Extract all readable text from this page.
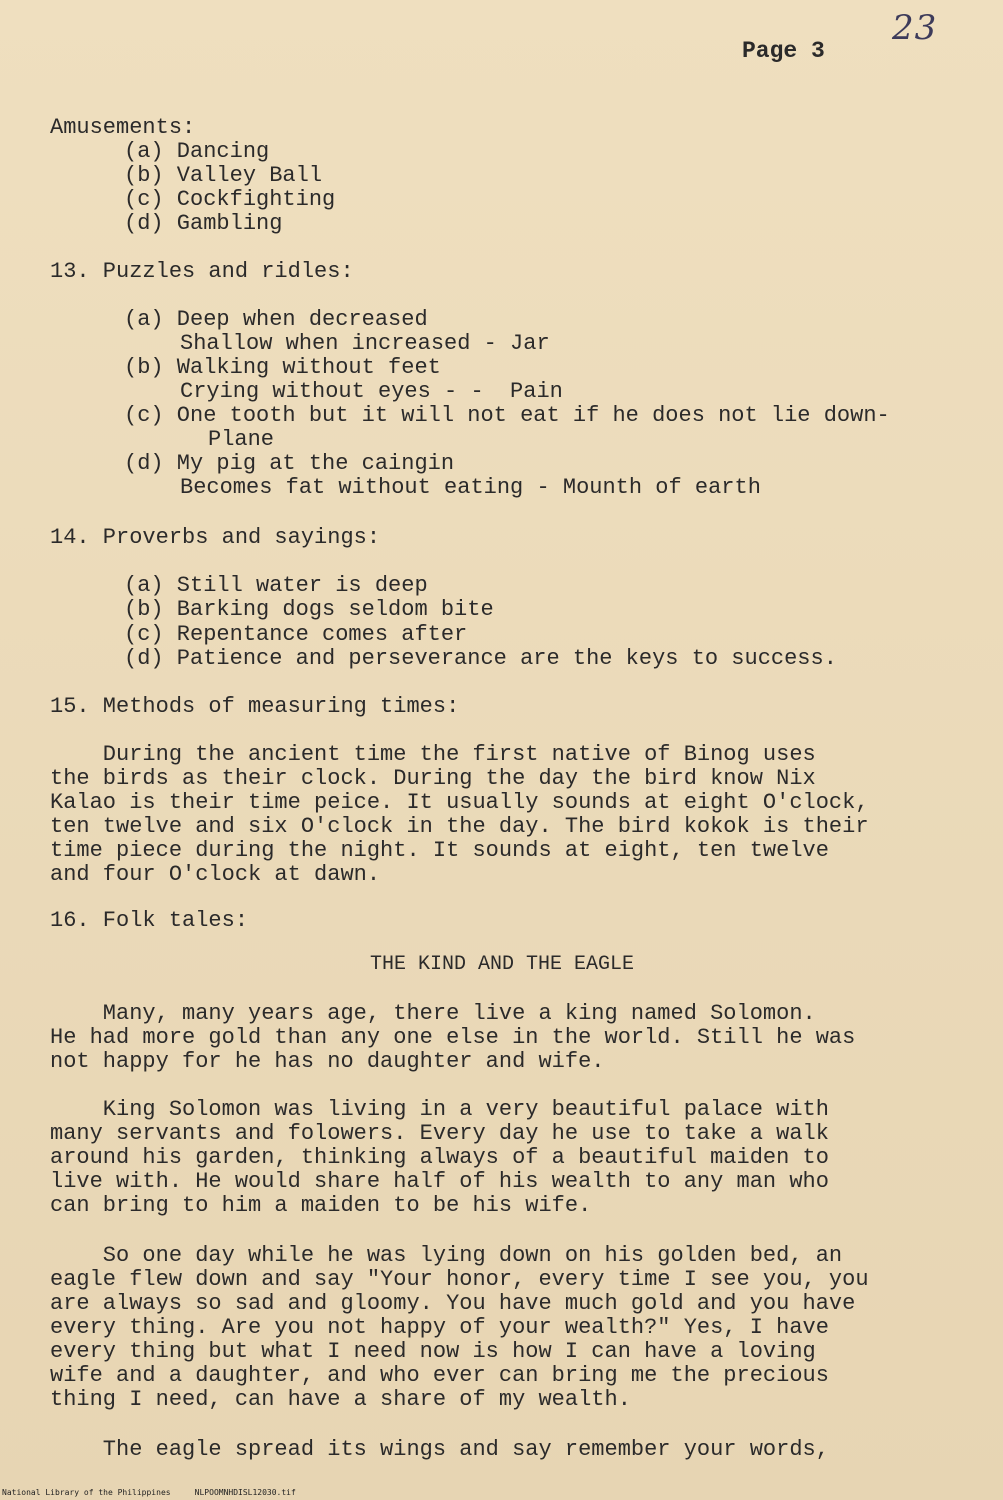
23
Page 3
Amusements:
(a) Dancing
(b) Valley Ball
(c) Cockfighting
(d) Gambling
13. Puzzles and ridles:
(a) Deep when decreased
Shallow when increased - Jar
(b) Walking without feet
Crying without eyes - -  Pain
(c) One tooth but it will not eat if he does not lie down-
Plane
(d) My pig at the caingin
Becomes fat without eating - Mounth of earth
14. Proverbs and sayings:
(a) Still water is deep
(b) Barking dogs seldom bite
(c) Repentance comes after
(d) Patience and perseverance are the keys to success.
15. Methods of measuring times:
During the ancient time the first native of Binog uses
the birds as their clock. During the day the bird know Nix
Kalao is their time peice. It usually sounds at eight O'clock,
ten twelve and six O'clock in the day. The bird kokok is their
time piece during the night. It sounds at eight, ten twelve
and four O'clock at dawn.
16. Folk tales:
THE KIND AND THE EAGLE
Many, many years age, there live a king named Solomon.
He had more gold than any one else in the world. Still he was
not happy for he has no daughter and wife.
King Solomon was living in a very beautiful palace with
many servants and folowers. Every day he use to take a walk
around his garden, thinking always of a beautiful maiden to
live with. He would share half of his wealth to any man who
can bring to him a maiden to be his wife.
So one day while he was lying down on his golden bed, an
eagle flew down and say "Your honor, every time I see you, you
are always so sad and gloomy. You have much gold and you have
every thing. Are you not happy of your wealth?" Yes, I have
every thing but what I need now is how I can have a loving
wife and a daughter, and who ever can bring me the precious
thing I need, can have a share of my wealth.
The eagle spread its wings and say remember your words,
National Library of the Philippines	NLPOOMNHDISL12030.tif
